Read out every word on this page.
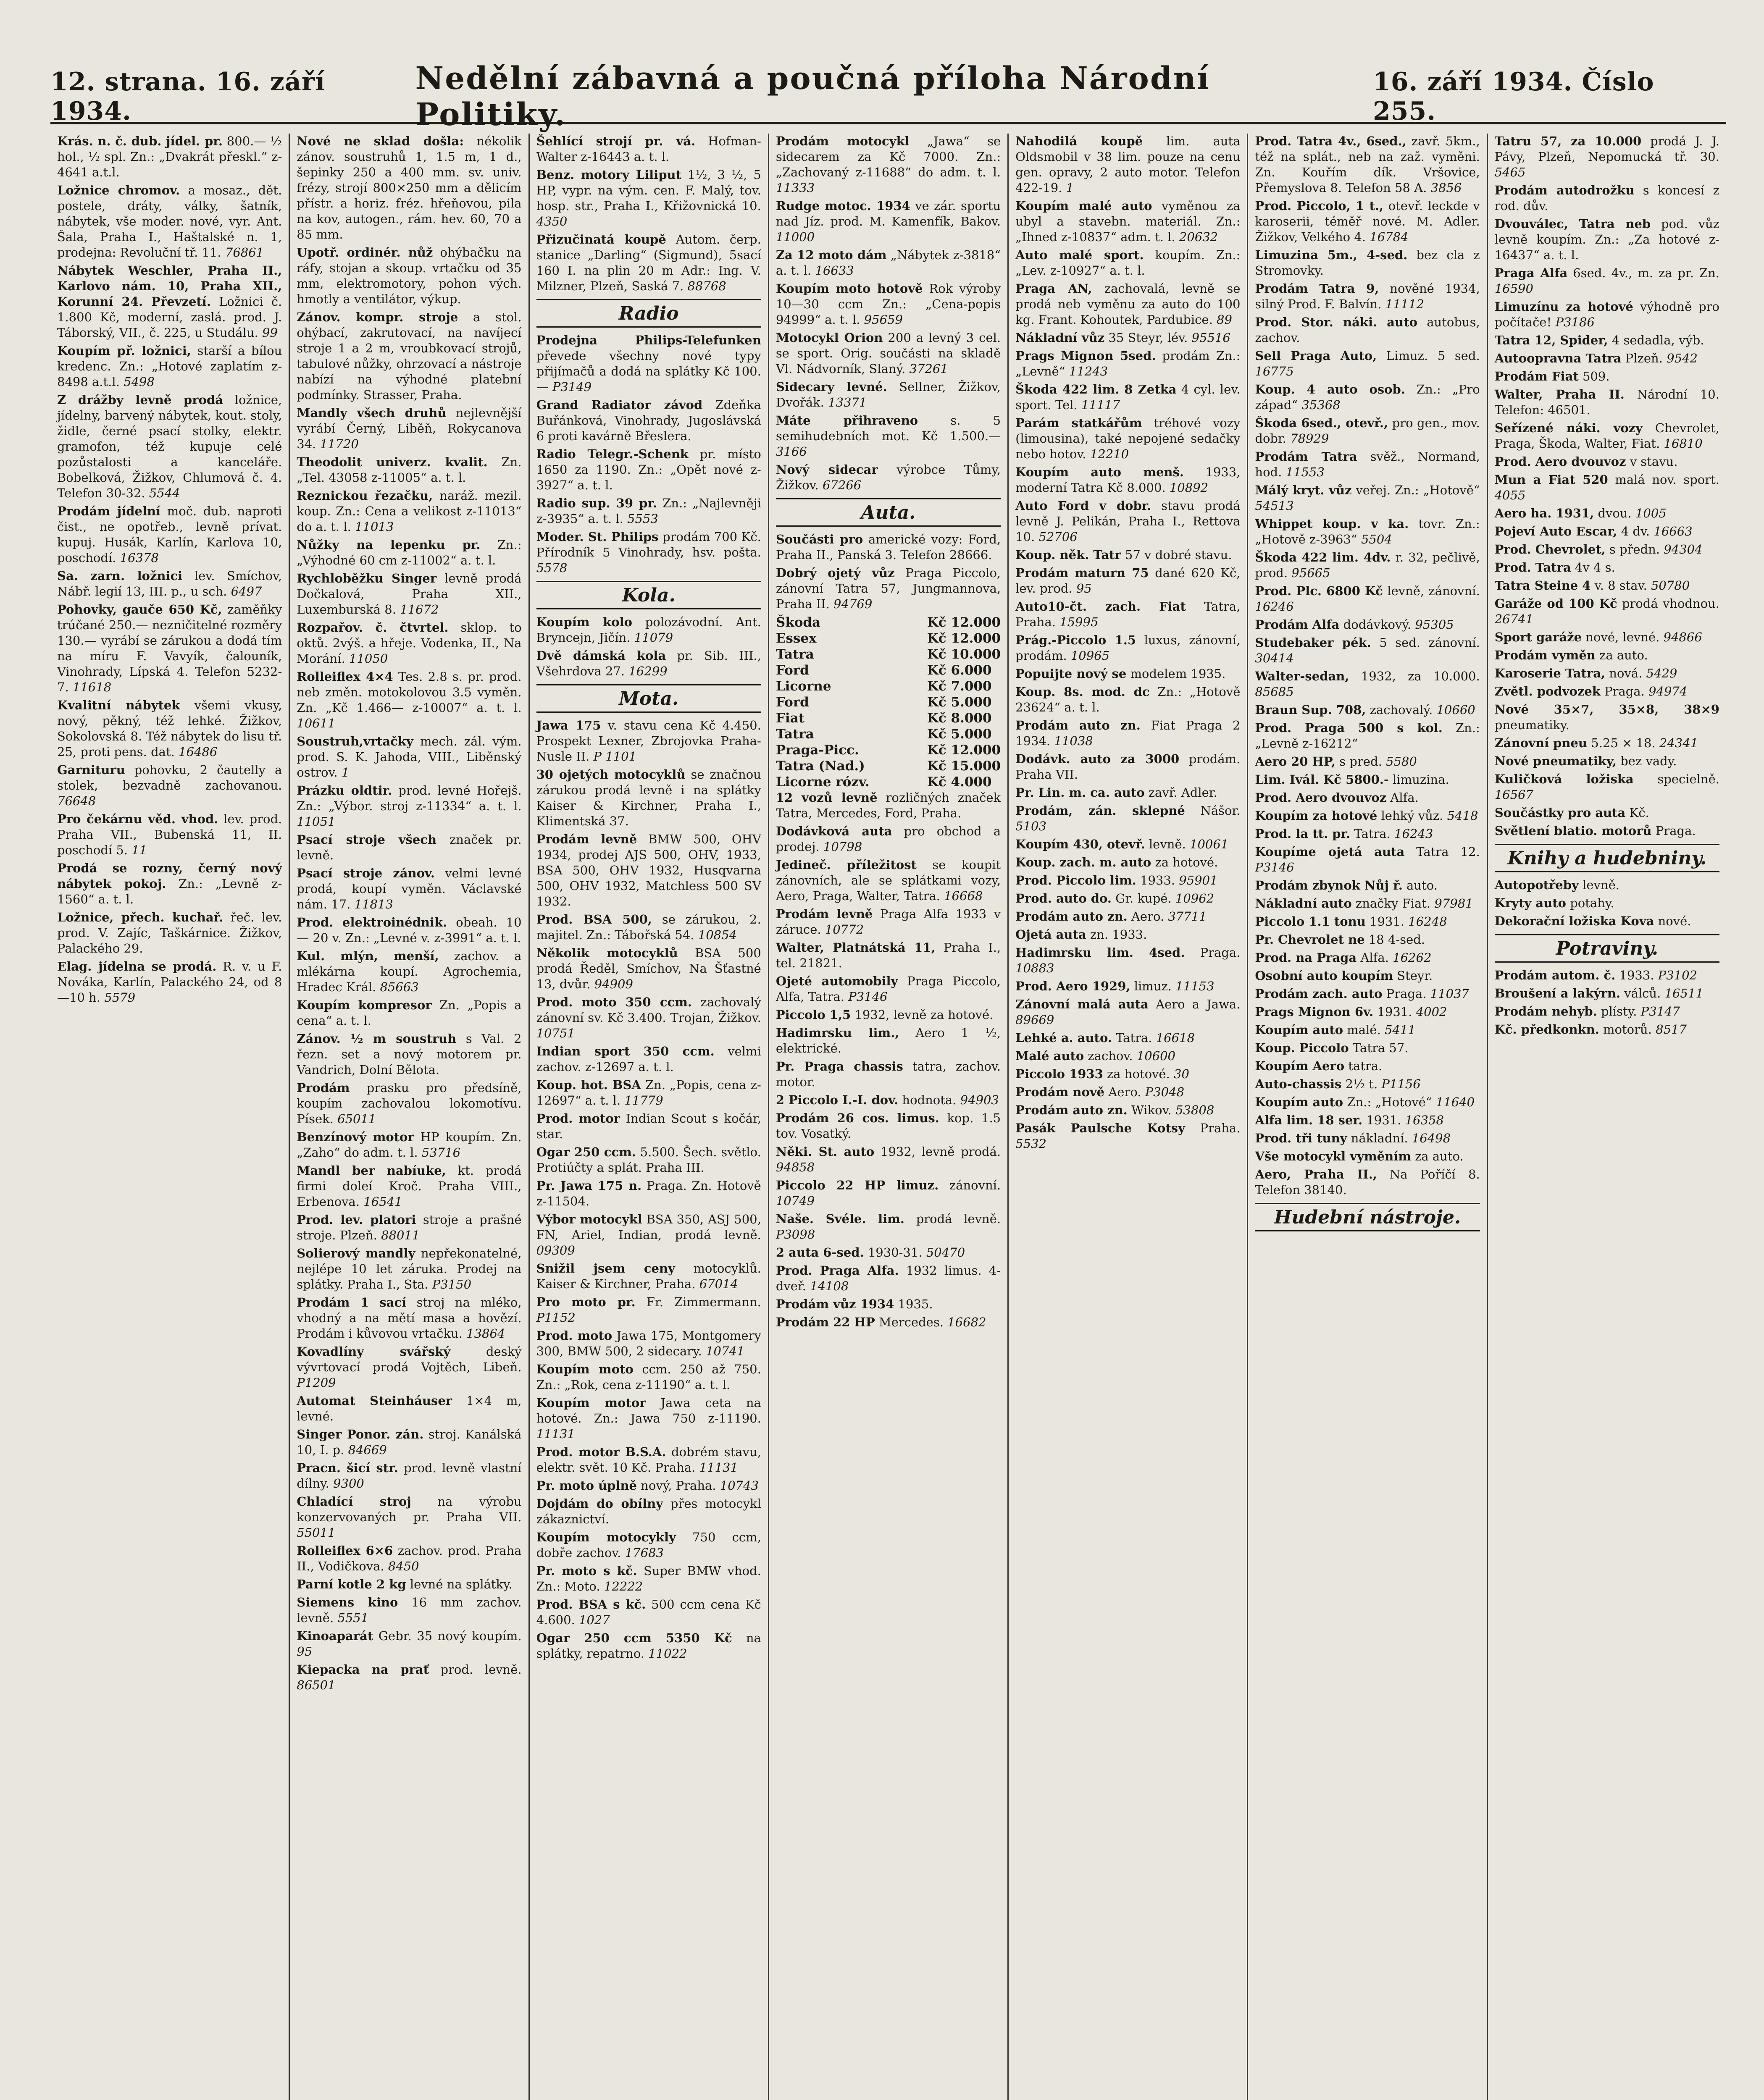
12. strana. 16. září 1934.
Nedělní zábavná a poučná příloha Národní Politiky.
16. září 1934. Číslo 255.

Krás. n. č. dub. jídel. pr. 800.— ½ hol., ½ spl. Zn.: „Dvakrát přeskl.“ z-4641 a.t.l.

Ložnice chromov. a mosaz., dět. postele, dráty, války, šatník, nábytek, vše moder. nové, vyr. Ant. Šala, Praha I., Haštalské n. 1, prodejna: Revoluční tř. 11. 76861

Nábytek Weschler, Praha II., Karlovo nám. 10, Praha XII., Korunní 24. Převzetí. Ložnici č. 1.800 Kč, moderní, zaslá. prod. J. Táborský, VII., č. 225, u Studálu. 99

Koupím př. ložnici, starší a bílou kredenc. Zn.: „Hotové zaplatím z-8498 a.t.l. 5498

Z drážby levně prodá ložnice, jídelny, barvený nábytek, kout. stoly, židle, černé psací stolky, elektr. gramofon, též kupuje celé pozůstalosti a kanceláře. Bobelková, Žižkov, Chlumová č. 4. Telefon 30-32. 5544

Prodám jídelní moč. dub. naproti čist., ne opotřeb., levně prívat. kupuj. Husák, Karlín, Karlova 10, poschodí. 16378

Sa. zarn. ložnici lev. Smíchov, Nábř. legií 13, III. p., u sch. 6497

Pohovky, gauče 650 Kč, zaměňky trúčané 250.— nezničitelné rozměry 130.— vyrábí se zárukou a dodá tím na míru F. Vavyík, čalouník, Vinohrady, Lípská 4. Telefon 5232-7. 11618

Kvalitní nábytek všemi vkusy, nový, pěkný, též lehké. Žižkov, Sokolovská 8. Též nábytek do lisu tř. 25, proti pens. dat. 16486

Garnituru pohovku, 2 čautelly a stolek, bezvadně zachovanou. 76648

Pro čekárnu věd. vhod. lev. prod. Praha VII., Bubenská 11, II. poschodí 5. 11

Prodá se rozny, černý nový nábytek pokoj. Zn.: „Levně z-1560“ a. t. l.

Ložnice, přech. kuchař. řeč. lev. prod. V. Zajíc, Taškárnice. Žižkov, Palackého 29.

Elag. jídelna se prodá. R. v. u F. Nováka, Karlín, Palackého 24, od 8—10 h. 5579

Nové ne sklad došla: nékolik zánov. soustruhů 1, 1.5 m, 1 d., šepinky 250 a 400 mm. sv. univ. frézy, strojí 800×250 mm a dělicím přístr. a horiz. fréz. hřeňovou, pila na kov, autogen., rám. hev. 60, 70 a 85 mm.

Upotř. ordinér. nůž ohýbačku na ráfy, stojan a skoup. vrtačku od 35 mm, elektromotory, pohon vých. hmotly a ventilátor, výkup.

Zánov. kompr. stroje a stol. ohýbací, zakrutovací, na navíjecí stroje 1 a 2 m, vroubkovací strojů, tabulové nůžky, ohrzovací a nástroje nabízí na výhodné platební podmínky. Strasser, Praha.

Mandly všech druhů nejlevnější vyrábí Černý, Liběň, Rokycanova 34. 11720

Theodolit univerz. kvalit. Zn. „Tel. 43058 z-11005“ a. t. l.

Reznickou řezačku, naráž. mezil. koup. Zn.: Cena a velikost z-11013“ do a. t. l. 11013

Nůžky na lepenku pr. Zn.: „Výhodné 60 cm z-11002“ a. t. l.

Rychloběžku Singer levně prodá Dočkalová, Praha XII., Luxemburská 8. 11672

Rozpařov. č. čtvrtel. sklop. to oktů. 2výš. a hřeje. Vodenka, II., Na Morání. 11050

Rolleiflex 4×4 Tes. 2.8 s. pr. prod. neb změn. motokolovou 3.5 vyměn. Zn. „Kč 1.466— z-10007“ a. t. l. 10611

Soustruh,vrtačky mech. zál. vým. prod. S. K. Jahoda, VIII., Liběnský ostrov. 1

Prázku oldtir. prod. levné Hořejš. Zn.: „Výbor. stroj z-11334“ a. t. l. 11051

Psací stroje všech značek pr. levně.

Psací stroje zánov. velmi levné prodá, koupí vyměn. Václavské nám. 17. 11813

Prod. elektroinédnik. obeah. 10 — 20 v. Zn.: „Levné v. z-3991“ a. t. l.

Kul. mlýn, menší, zachov. a mlékárna koupí. Agrochemia, Hradec Král. 85663

Koupím kompresor Zn. „Popis a cena“ a. t. l.

Zánov. ½ m soustruh s Val. 2 řezn. set a nový motorem pr. Vandrich, Dolní Bělota.

Prodám prasku pro předsíně, koupím zachovalou lokomotívu. Písek. 65011

Benzínový motor HP koupím. Zn. „Zaho“ do adm. t. l. 53716

Mandl ber nabíuke, kt. prodá firmi doleí Kroč. Praha VIII., Erbenova. 16541

Prod. lev. platori stroje a prašné stroje. Plzeň. 88011

Solierový mandly nepřekonatelné, nejlépe 10 let záruka. Prodej na splátky. Praha I., Sta. P3150

Prodám 1 sací stroj na mléko, vhodný a na mětí masa a hovězí. Prodám i kůvovou vrtačku. 13864

Kovadlíny svářský deský vývrtovací prodá Vojtěch, Libeň. P1209

Automat Steinháuser 1×4 m, levné.

Singer Ponor. zán. stroj. Kanálská 10, I. p. 84669

Pracn. šicí str. prod. levně vlastní dílny. 9300

Chladící stroj na výrobu konzervovaných pr. Praha VII. 55011

Rolleiflex 6×6 zachov. prod. Praha II., Vodičkova. 8450

Parní kotle 2 kg levné na splátky.

Siemens kino 16 mm zachov. levně. 5551

Kinoaparát Gebr. 35 nový koupím. 95

Kiepacka na prať prod. levně. 86501

Šehlící strojí pr. vá. Hofman-Walter z-16443 a. t. l.

Benz. motory Liliput 1½, 3 ½, 5 HP, vypr. na vým. cen. F. Malý, tov. hosp. str., Praha I., Křižovnická 10. 4350

Přizučinatá koupě Autom. čerp. stanice „Darling“ (Sigmund), 5sací 160 I. na plin 20 m Adr.: Ing. V. Milzner, Plzeň, Saská 7. 88768

Radio

Prodejna Philips-Telefunken převede všechny nové typy přijímačů a dodá na splátky Kč 100.— P3149

Grand Radiator závod Zdeňka Buřánková, Vinohrady, Jugoslávská 6 proti kavárně Břeslera.

Radio Telegr.-Schenk pr. místo 1650 za 1190. Zn.: „Opět nové z-3927“ a. t. l.

Radio sup. 39 pr. Zn.: „Najlevněji z-3935“ a. t. l. 5553

Moder. St. Philips prodám 700 Kč. Přírodník 5 Vinohrady, hsv. pošta. 5578

Kola.

Koupím kolo polozávodní. Ant. Bryncejn, Jičín. 11079

Dvě dámská kola pr. Sib. III., Všehrdova 27. 16299

Mota.

Jawa 175 v. stavu cena Kč 4.450. Prospekt Lexner, Zbrojovka Praha-Nusle II. P 1101

30 ojetých motocyklů se značnou zárukou prodá levně i na splátky Kaiser & Kirchner, Praha I., Klimentská 37.

Prodám levně BMW 500, OHV 1934, prodej AJS 500, OHV, 1933, BSA 500, OHV 1932, Husqvarna 500, OHV 1932, Matchless 500 SV 1932.

Prod. BSA 500, se zárukou, 2. majitel. Zn.: Tábořská 54. 10854

Několik motocyklů BSA 500 prodá Ředěl, Smíchov, Na Šťastné 13, dvůr. 94909

Prod. moto 350 ccm. zachovalý zánovní sv. Kč 3.400. Trojan, Žižkov. 10751

Indian sport 350 ccm. velmi zachov. z-12697 a. t. l.

Koup. hot. BSA Zn. „Popis, cena z-12697“ a. t. l. 11779

Prod. motor Indian Scout s kočár, star.

Ogar 250 ccm. 5.500. Šech. světlo. Protiúčty a splát. Praha III.

Pr. Jawa 175 n. Praga. Zn. Hotově z-11504.

Výbor motocykl BSA 350, ASJ 500, FN, Ariel, Indian, prodá levně. 09309

Snižil jsem ceny motocyklů. Kaiser & Kirchner, Praha. 67014

Pro moto pr. Fr. Zimmermann. P1152

Prod. moto Jawa 175, Montgomery 300, BMW 500, 2 sidecary. 10741

Koupím moto ccm. 250 až 750. Zn.: „Rok, cena z-11190“ a. t. l.

Koupím motor Jawa ceta na hotové. Zn.: Jawa 750 z-11190. 11131

Prod. motor B.S.A. dobrém stavu, elektr. svět. 10 Kč. Praha. 11131

Pr. moto úplně nový, Praha. 10743

Dojdám do obílny přes motocykl zákaznictví.

Koupím motocykly 750 ccm, dobře zachov. 17683

Pr. moto s kč. Super BMW vhod. Zn.: Moto. 12222

Prod. BSA s kč. 500 ccm cena Kč 4.600. 1027

Ogar 250 ccm 5350 Kč na splátky, repatrno. 11022

Prodám motocykl „Jawa“ se sidecarem za Kč 7000. Zn.: „Zachovaný z-11688“ do adm. t. l. 11333

Rudge motoc. 1934 ve zár. sportu nad Jíz. prod. M. Kamenfík, Bakov. 11000

Za 12 moto dám „Nábytek z-3818“ a. t. l. 16633

Koupím moto hotově Rok výroby 10—30 ccm Zn.: „Cena-popis 94999“ a. t. l. 95659

Motocykl Orion 200 a levný 3 cel. se sport. Orig. součásti na skladě Vl. Nádvorník, Slaný. 37261

Sidecary levné. Sellner, Žižkov, Dvořák. 13371

Máte přihraveno s. 5 semihudebních mot. Kč 1.500.— 3166

Nový sidecar výrobce Tůmy, Žižkov. 67266

Auta.

Součásti pro americké vozy: Ford, Praha II., Panská 3. Telefon 28666.

Dobrý ojetý vůz Praga Piccolo, zánovní Tatra 57, Jungmannova, Praha II. 94769

Škoda	Kč 12.000
Essex	Kč 12.000
Tatra	Kč 10.000
Ford	Kč 6.000
Licorne	Kč 7.000
Ford	Kč 5.000
Fiat	Kč 8.000
Tatra	Kč 5.000
Praga-Picc.	Kč 12.000
Tatra (Nad.)	Kč 15.000
Licorne rózv.	Kč 4.000

12 vozů levně rozličných značek Tatra, Mercedes, Ford, Praha.

Dodávková auta pro obchod a prodej. 10798

Jedineč. příležitost se koupit zánovních, ale se splátkami vozy, Aero, Praga, Walter, Tatra. 16668

Prodám levně Praga Alfa 1933 v záruce. 10772

Walter, Platnátská 11, Praha I., tel. 21821.

Ojeté automobily Praga Piccolo, Alfa, Tatra. P3146

Piccolo 1,5 1932, levně za hotové.

Hadimrsku lim., Aero 1 ½, elektrické.

Pr. Praga chassis tatra, zachov. motor.

2 Piccolo I.-I. dov. hodnota. 94903

Prodám 26 cos. limus. kop. 1.5 tov. Vosatký.

Něki. St. auto 1932, levně prodá. 94858

Piccolo 22 HP limuz. zánovní. 10749

Naše. Svéle. lim. prodá levně. P3098

2 auta 6-sed. 1930-31. 50470

Prod. Praga Alfa. 1932 limus. 4-dveř. 14108

Prodám vůz 1934 1935.

Prodám 22 HP Mercedes. 16682

Nahodilá koupě lim. auta Oldsmobil v 38 lim. pouze na cenu gen. opravy, 2 auto motor. Telefon 422-19. 1

Koupím malé auto vyměnou za ubyl a stavebn. materiál. Zn.: „Ihned z-10837“ adm. t. l. 20632

Auto malé sport. koupím. Zn.: „Lev. z-10927“ a. t. l.

Praga AN, zachovalá, levně se prodá neb vyměnu za auto do 100 kg. Frant. Kohoutek, Pardubice. 89

Nákladní vůz 35 Steyr, lév. 95516

Prags Mignon 5sed. prodám Zn.: „Levně“ 11243

Škoda 422 lim. 8 Zetka 4 cyl. lev. sport. Tel. 11117

Parám statkářům tréhové vozy (limousina), také nepojené sedačky nebo hotov. 12210

Koupím auto menš. 1933, moderní Tatra Kč 8.000. 10892

Auto Ford v dobr. stavu prodá levně J. Pelikán, Praha I., Rettova 10. 52706

Koup. něk. Tatr 57 v dobré stavu.

Prodám maturn 75 dané 620 Kč, lev. prod. 95

Auto10-čt. zach. Fiat Tatra, Praha. 15995

Prág.-Piccolo 1.5 luxus, zánovní, prodám. 10965

Popuijte nový se modelem 1935.

Koup. 8s. mod. dc Zn.: „Hotově 23624“ a. t. l.

Prodám auto zn. Fiat Praga 2 1934. 11038

Dodávk. auto za 3000 prodám. Praha VII.

Pr. Lin. m. ca. auto zavř. Adler.

Prodám, zán. sklepné Nášor. 5103

Koupím 430, otevř. levně. 10061

Koup. zach. m. auto za hotové.

Prod. Piccolo lim. 1933. 95901

Prod. auto do. Gr. kupé. 10962

Prodám auto zn. Aero. 37711

Ojetá auta zn. 1933.

Hadimrsku lim. 4sed. Praga. 10883

Prod. Aero 1929, limuz. 11153

Zánovní malá auta Aero a Jawa. 89669

Lehké a. auto. Tatra. 16618

Malé auto zachov. 10600

Piccolo 1933 za hotové. 30

Prodám nově Aero. P3048

Prodám auto zn. Wikov. 53808

Pasák Paulsche Kotsy Praha. 5532

Prod. Tatra 4v., 6sed., zavř. 5km., též na splát., neb na zaž. vyměni. Zn. Kouřím dík. Vršovice, Přemyslova 8. Telefon 58 A. 3856

Prod. Piccolo, 1 t., otevř. leckde v karoserii, téměř nové. M. Adler. Žižkov, Velkého 4. 16784

Limuzina 5m., 4-sed. bez cla z Stromovky.

Prodám Tatra 9, nověné 1934, silný Prod. F. Balvín. 11112

Prod. Stor. náki. auto autobus, zachov.

Sell Praga Auto, Limuz. 5 sed. 16775

Koup. 4 auto osob. Zn.: „Pro západ“ 35368

Škoda 6sed., otevř., pro gen., mov. dobr. 78929

Prodám Tatra svěž., Normand, hod. 11553

Málý kryt. vůz veřej. Zn.: „Hotově“ 54513

Whippet koup. v ka. tovr. Zn.: „Hotově z-3963“ 5504

Škoda 422 lim. 4dv. r. 32, pečlivě, prod. 95665

Prod. Plc. 6800 Kč levně, zánovní. 16246

Prodám Alfa dodávkový. 95305

Studebaker pék. 5 sed. zánovní. 30414

Walter-sedan, 1932, za 10.000. 85685

Braun Sup. 708, zachovalý. 10660

Prod. Praga 500 s kol. Zn.: „Levně z-16212“

Aero 20 HP, s pred. 5580

Lim. Ivál. Kč 5800.- limuzina.

Prod. Aero dvouvoz Alfa.

Koupím za hotové lehký vůz. 5418

Prod. la tt. pr. Tatra. 16243

Koupíme ojetá auta Tatra 12. P3146

Prodám zbynok Nůj ř. auto.

Nákladní auto značky Fiat. 97981

Piccolo 1.1 tonu 1931. 16248

Pr. Chevrolet ne 18 4-sed.

Prod. na Praga Alfa. 16262

Osobní auto koupím Steyr.

Prodám zach. auto Praga. 11037

Prags Mignon 6v. 1931. 4002

Koupím auto malé. 5411

Koup. Piccolo Tatra 57.

Koupím Aero tatra.

Auto-chassis 2½ t. P1156

Koupím auto Zn.: „Hotové“ 11640

Alfa lim. 18 ser. 1931. 16358

Prod. tři tuny nákladní. 16498

Vše motocykl vyměním za auto.

Aero, Praha II., Na Poříčí 8. Telefon 38140.

Hudební nástroje.

Tatru 57, za 10.000 prodá J. J. Pávy, Plzeň, Nepomucká tř. 30. 5465

Prodám autodrožku s koncesí z rod. dův.

Dvouválec, Tatra neb pod. vůz levně koupím. Zn.: „Za hotové z-16437“ a. t. l.

Praga Alfa 6sed. 4v., m. za pr. Zn. 16590

Limuzínu za hotové výhodně pro počítače! P3186

Tatra 12, Spider, 4 sedadla, výb.

Autoopravna Tatra Plzeň. 9542

Prodám Fiat 509.

Walter, Praha II. Národní 10. Telefon: 46501.

Seřízené náki. vozy Chevrolet, Praga, Škoda, Walter, Fiat. 16810

Prod. Aero dvouvoz v stavu.

Mun a Fiat 520 malá nov. sport. 4055

Aero ha. 1931, dvou. 1005

Pojeví Auto Escar, 4 dv. 16663

Prod. Chevrolet, s předn. 94304

Prod. Tatra 4v 4 s.

Tatra Steine 4 v. 8 stav. 50780

Garáže od 100 Kč prodá vhodnou. 26741

Sport garáže nové, levné. 94866

Prodám vyměn za auto.

Karoserie Tatra, nová. 5429

Zvětl. podvozek Praga. 94974

Nové 35×7, 35×8, 38×9 pneumatiky.

Zánovní pneu 5.25 × 18. 24341

Nové pneumatiky, bez vady.

Kuličková ložiska specielně. 16567

Součástky pro auta Kč.

Světlení blatio. motorů Praga.

Knihy a hudebniny.

Autopotřeby levně.

Kryty auto potahy.

Dekorační ložiska Kova nové.

Potraviny.

Prodám autom. č. 1933. P3102

Broušení a lakýrn. válců. 16511

Prodám nehyb. plísty. P3147

Kč. předkonkn. motorů. 8517
